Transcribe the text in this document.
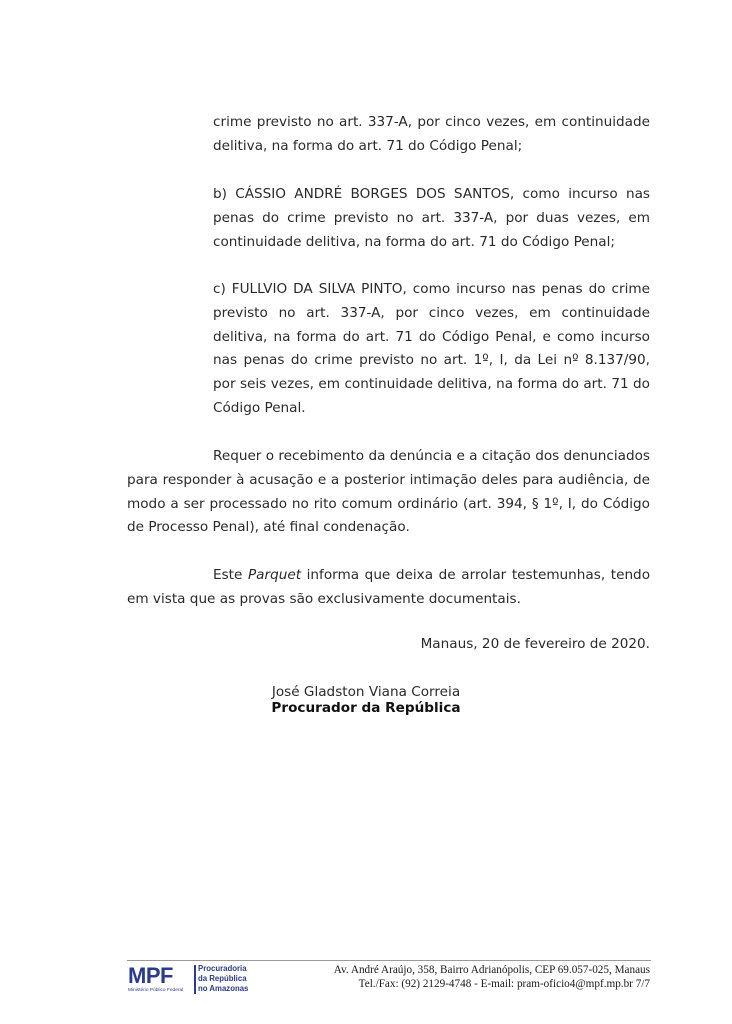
crime previsto no art. 337-A, por cinco vezes, em continuidade
delitiva, na forma do art. 71 do Código Penal;
b) CÁSSIO ANDRÉ BORGES DOS SANTOS, como incurso nas
penas do crime previsto no art. 337-A, por duas vezes, em
continuidade delitiva, na forma do art. 71 do Código Penal;
c) FULLVIO DA SILVA PINTO, como incurso nas penas do crime
previsto no art. 337-A, por cinco vezes, em continuidade
delitiva, na forma do art. 71 do Código Penal, e como incurso
nas penas do crime previsto no art. 1º, I, da Lei nº 8.137/90,
por seis vezes, em continuidade delitiva, na forma do art. 71 do
Código Penal.
Requer o recebimento da denúncia e a citação dos denunciados
para responder à acusação e a posterior intimação deles para audiência, de
modo a ser processado no rito comum ordinário (art. 394, § 1º, I, do Código
de Processo Penal), até final condenação.
Este Parquet informa que deixa de arrolar testemunhas, tendo
em vista que as provas são exclusivamente documentais.
Manaus, 20 de fevereiro de 2020.
José Gladston Viana Correia
Procurador da República
MPF
Ministério Público Federal
Procuradoria
da República
no Amazonas
Av. André Araújo, 358, Bairro Adrianópolis, CEP 69.057-025, Manaus
Tel./Fax: (92) 2129-4748 - E-mail: pram-oficio4@mpf.mp.br 7/7
